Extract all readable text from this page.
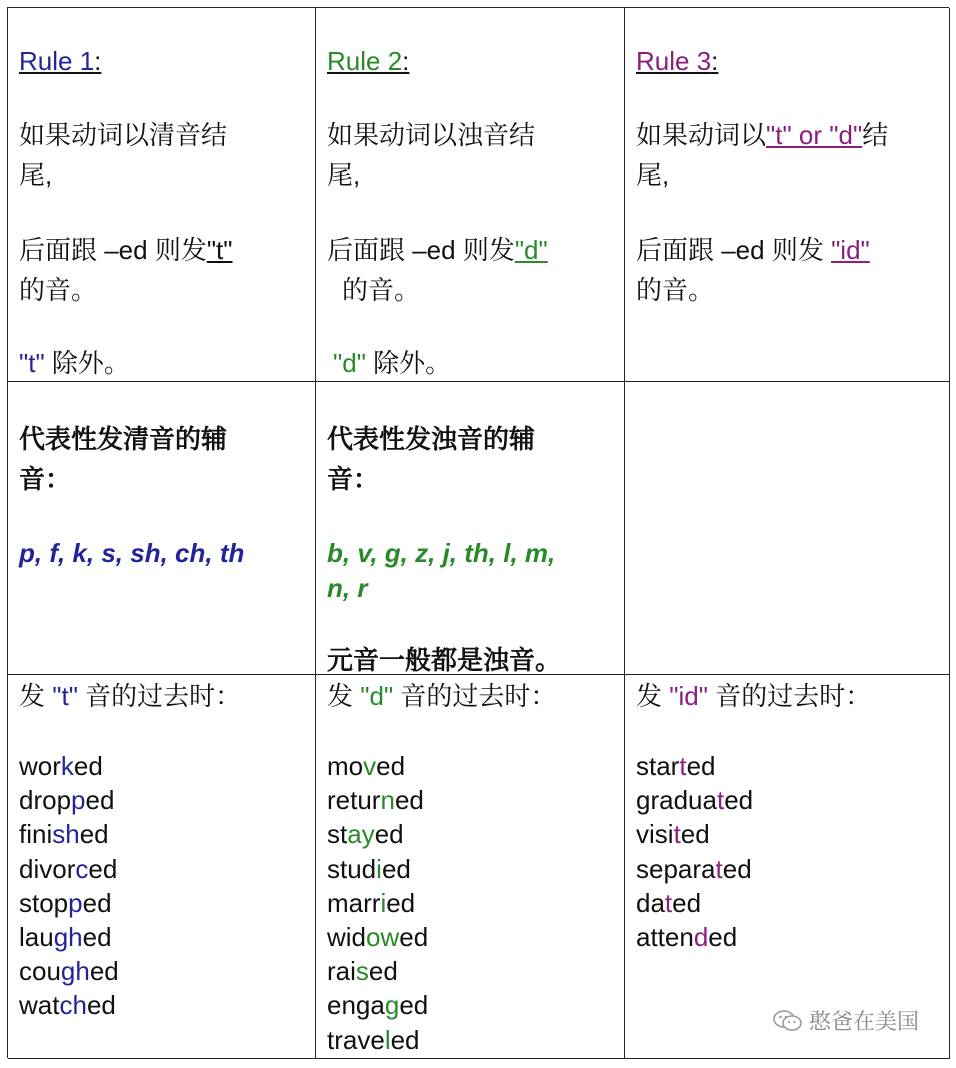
Rule 1:
如果动词以清音结
尾,
后面跟 –ed 则发"t"
的音。
"t" 除外。
Rule 2:
如果动词以浊音结
尾,
后面跟 –ed 则发"d"
的音。
"d" 除外。
Rule 3:
如果动词以"t" or "d"结
尾,
后面跟 –ed 则发 "id"
的音。
代表性发清音的辅
音：
p, f, k, s, sh, ch, th
代表性发浊音的辅
音：
b, v, g, z, j, th, l, m,
n, r
元音一般都是浊音。
发 "t" 音的过去时：
worked
dropped
finished
divorced
stopped
laughed
coughed
watched
发 "d" 音的过去时：
moved
returned
stayed
studied
married
widowed
raised
engaged
traveled
发 "id" 音的过去时：
started
graduated
visited
separated
dated
attended
憨爸在美国
